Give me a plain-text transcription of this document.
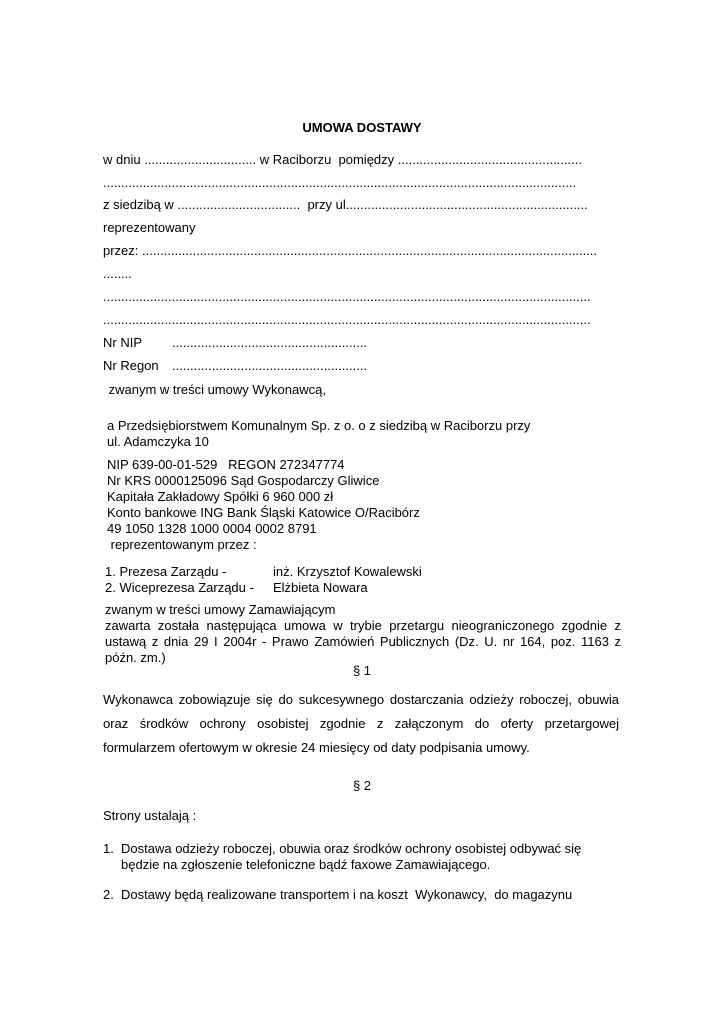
UMOWA DOSTAWY
w dniu ............................... w Raciborzu  pomiędzy ...................................................
...................................................................................................................................
z siedzibą w ..................................  przy ul...................................................................
reprezentowany
przez: ..............................................................................................................................
........
.......................................................................................................................................
.......................................................................................................................................
Nr NIP ......................................................
Nr Regon ......................................................
zwanym w treści umowy Wykonawcą,
a Przedsiębiorstwem Komunalnym Sp. z o. o z siedzibą w Raciborzu przy
ul. Adamczyka 10
NIP 639-00-01-529   REGON 272347774
Nr KRS 0000125096 Sąd Gospodarczy Gliwice
Kapitała Zakładowy Spółki 6 960 000 zł
Konto bankowe ING Bank Śląski Katowice O/Racibórz
49 1050 1328 1000 0004 0002 8791
reprezentowanym przez :
1. Prezesa Zarządu -	inż. Krzysztof Kowalewski
2. Wiceprezesa Zarządu - Elżbieta Nowara
zwanym w treści umowy Zamawiającym
zawarta została następująca umowa w trybie przetargu nieograniczonego zgodnie z
ustawą z dnia 29 I 2004r - Prawo Zamówień Publicznych (Dz. U. nr 164, poz. 1163 z
późn. zm.)
§ 1
Wykonawca zobowiązuje się do sukcesywnego dostarczania odzieży roboczej, obuwia
oraz środków ochrony osobistej zgodnie z załączonym do oferty przetargowej
formularzem ofertowym w okresie 24 miesięcy od daty podpisania umowy.
§ 2
Strony ustalają :
1. Dostawa odzieży roboczej, obuwia oraz środków ochrony osobistej odbywać się
będzie na zgłoszenie telefoniczne bądź faxowe Zamawiającego.
2. Dostawy będą realizowane transportem i na koszt  Wykonawcy,  do magazynu
